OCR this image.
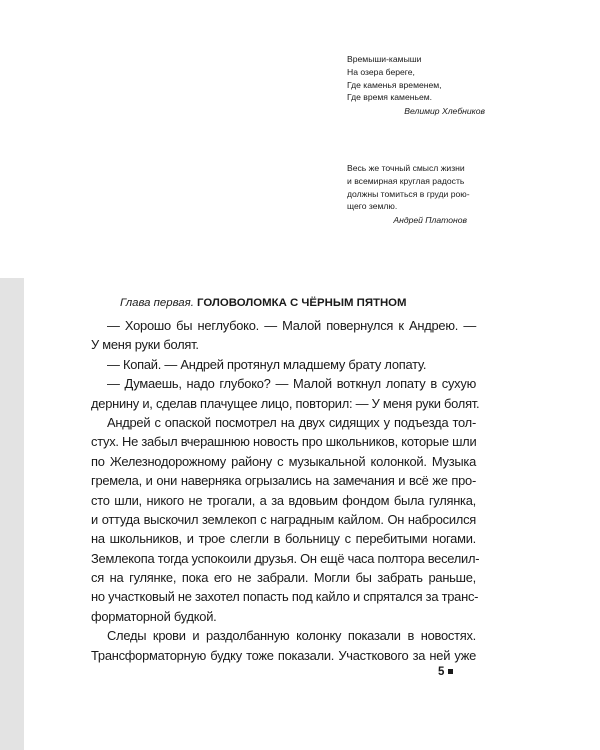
Времыши-камыши
На озера береге,
Где каменья временем,
Где время каменьем.
Велимир Хлебников
Весь же точный смысл жизни
и всемирная круглая радость
должны томиться в груди рою-
щего землю.
Андрей Платонов
Глава первая. ГОЛОВОЛОМКА С ЧЁРНЫМ ПЯТНОМ
— Хорошо бы неглубоко. — Малой повернулся к Андрею. —
У меня руки болят.
— Копай. — Андрей протянул младшему брату лопату.
— Думаешь, надо глубоко? — Малой воткнул лопату в сухую
дернину и, сделав плачущее лицо, повторил: — У меня руки болят.
Андрей с опаской посмотрел на двух сидящих у подъезда тол-
стух. Не забыл вчерашнюю новость про школьников, которые шли
по Железнодорожному району с музыкальной колонкой. Музыка
гремела, и они наверняка огрызались на замечания и всё же про-
сто шли, никого не трогали, а за вдовьим фондом была гулянка,
и оттуда выскочил землекоп с наградным кайлом. Он набросился
на школьников, и трое слегли в больницу с перебитыми ногами.
Землекопа тогда успокоили друзья. Он ещё часа полтора веселил-
ся на гулянке, пока его не забрали. Могли бы забрать раньше,
но участковый не захотел попасть под кайло и спрятался за транс-
форматорной будкой.
Следы крови и раздолбанную колонку показали в новостях.
Трансформаторную будку тоже показали. Участкового за ней уже
5
